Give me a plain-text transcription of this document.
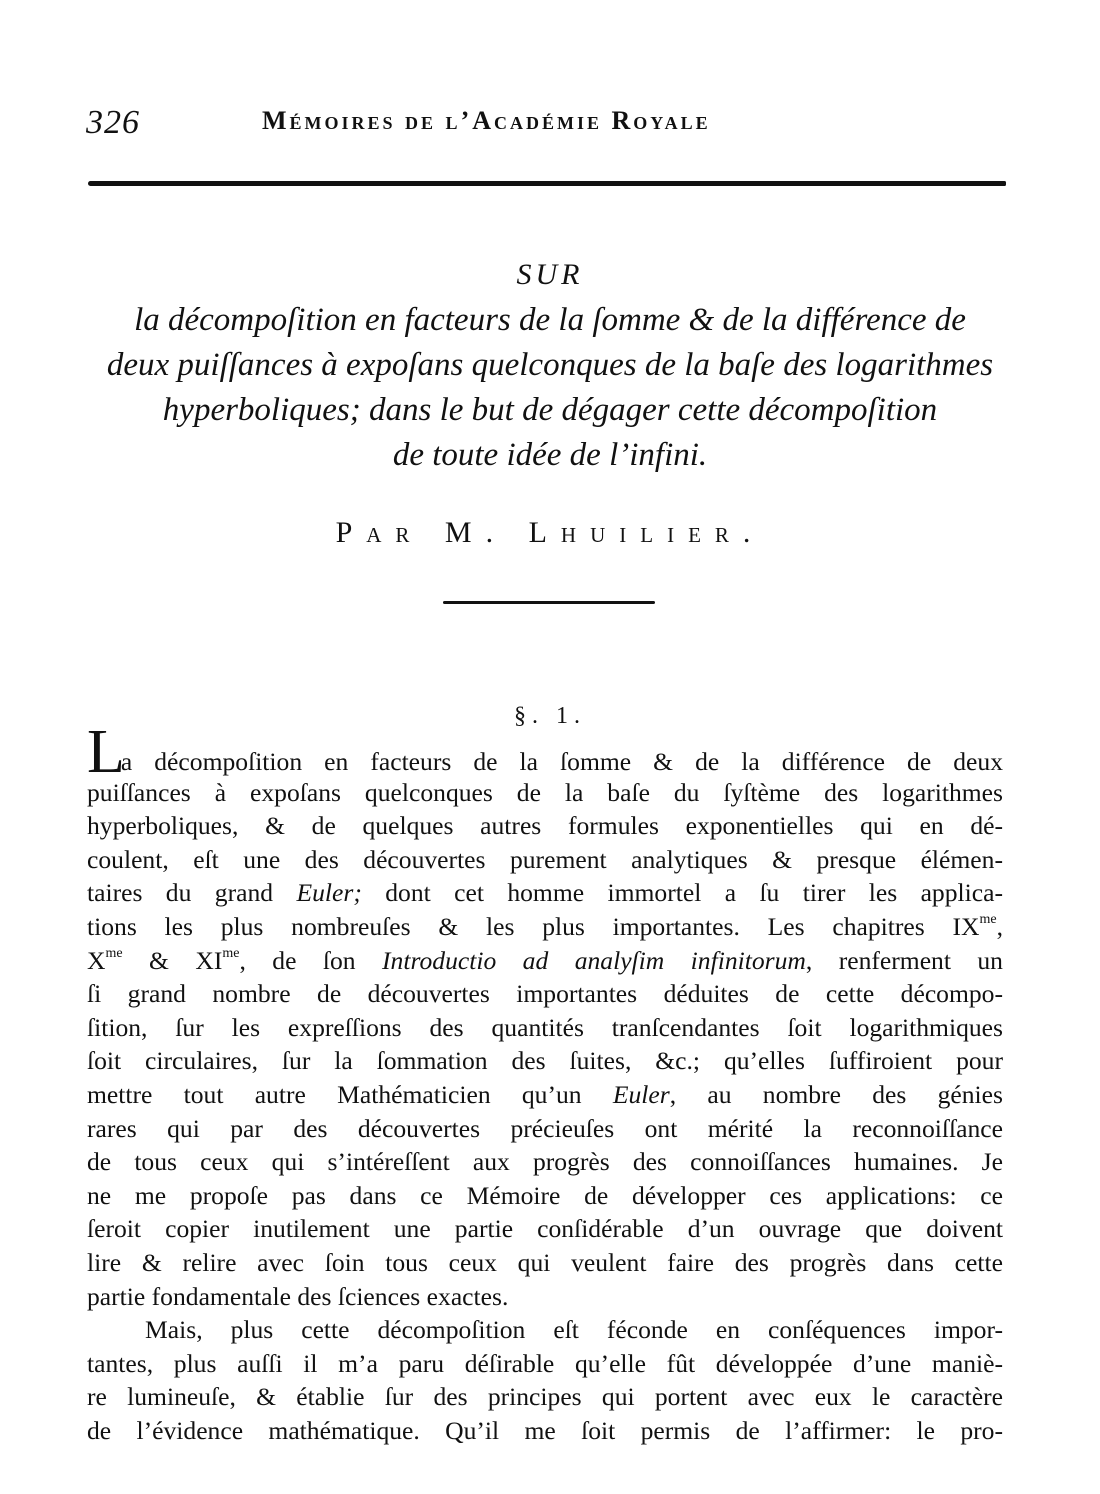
326	Mémoires de l’Académie Royale
SUR
la décompoſition en facteurs de la ſomme & de la différence de
deux puiſſances à expoſans quelconques de la baſe des logarithmes
hyperboliques; dans le but de dégager cette décompoſition
de toute idée de l’infini.
Par M. Lhuilier.
§. 1.
La décompoſition en facteurs de la ſomme & de la différence de deux
puiſſances à expoſans quelconques de la baſe du ſyſtème des logarithmes
hyperboliques, & de quelques autres formules exponentielles qui en dé-
coulent, eſt une des découvertes purement analytiques & presque élémen-
taires du grand Euler; dont cet homme immortel a ſu tirer les applica-
tions les plus nombreuſes & les plus importantes. Les chapitres $IX^{me}$,
$X^{me}$ & $XI^{me}$, de ſon Introductio ad analyſim infinitorum, renferment un
ſi grand nombre de découvertes importantes déduites de cette décompo-
ſition, ſur les expreſſions des quantités tranſcendantes ſoit logarithmiques
ſoit circulaires, ſur la ſommation des ſuites, &c.; qu’elles ſuffiroient pour
mettre tout autre Mathématicien qu’un Euler, au nombre des génies
rares qui par des découvertes précieuſes ont mérité la reconnoiſſance
de tous ceux qui s’intéreſſent aux progrès des connoiſſances humaines. Je
ne me propoſe pas dans ce Mémoire de développer ces applications: ce
ſeroit copier inutilement une partie conſidérable d’un ouvrage que doivent
lire & relire avec ſoin tous ceux qui veulent faire des progrès dans cette
partie fondamentale des ſciences exactes.
Mais, plus cette décompoſition eſt féconde en conſéquences impor-
tantes, plus auſſi il m’a paru déſirable qu’elle fût développée d’une maniè-
re lumineuſe, & établie ſur des principes qui portent avec eux le caractère
de l’évidence mathématique. Qu’il me ſoit permis de l’affirmer: le pro-
